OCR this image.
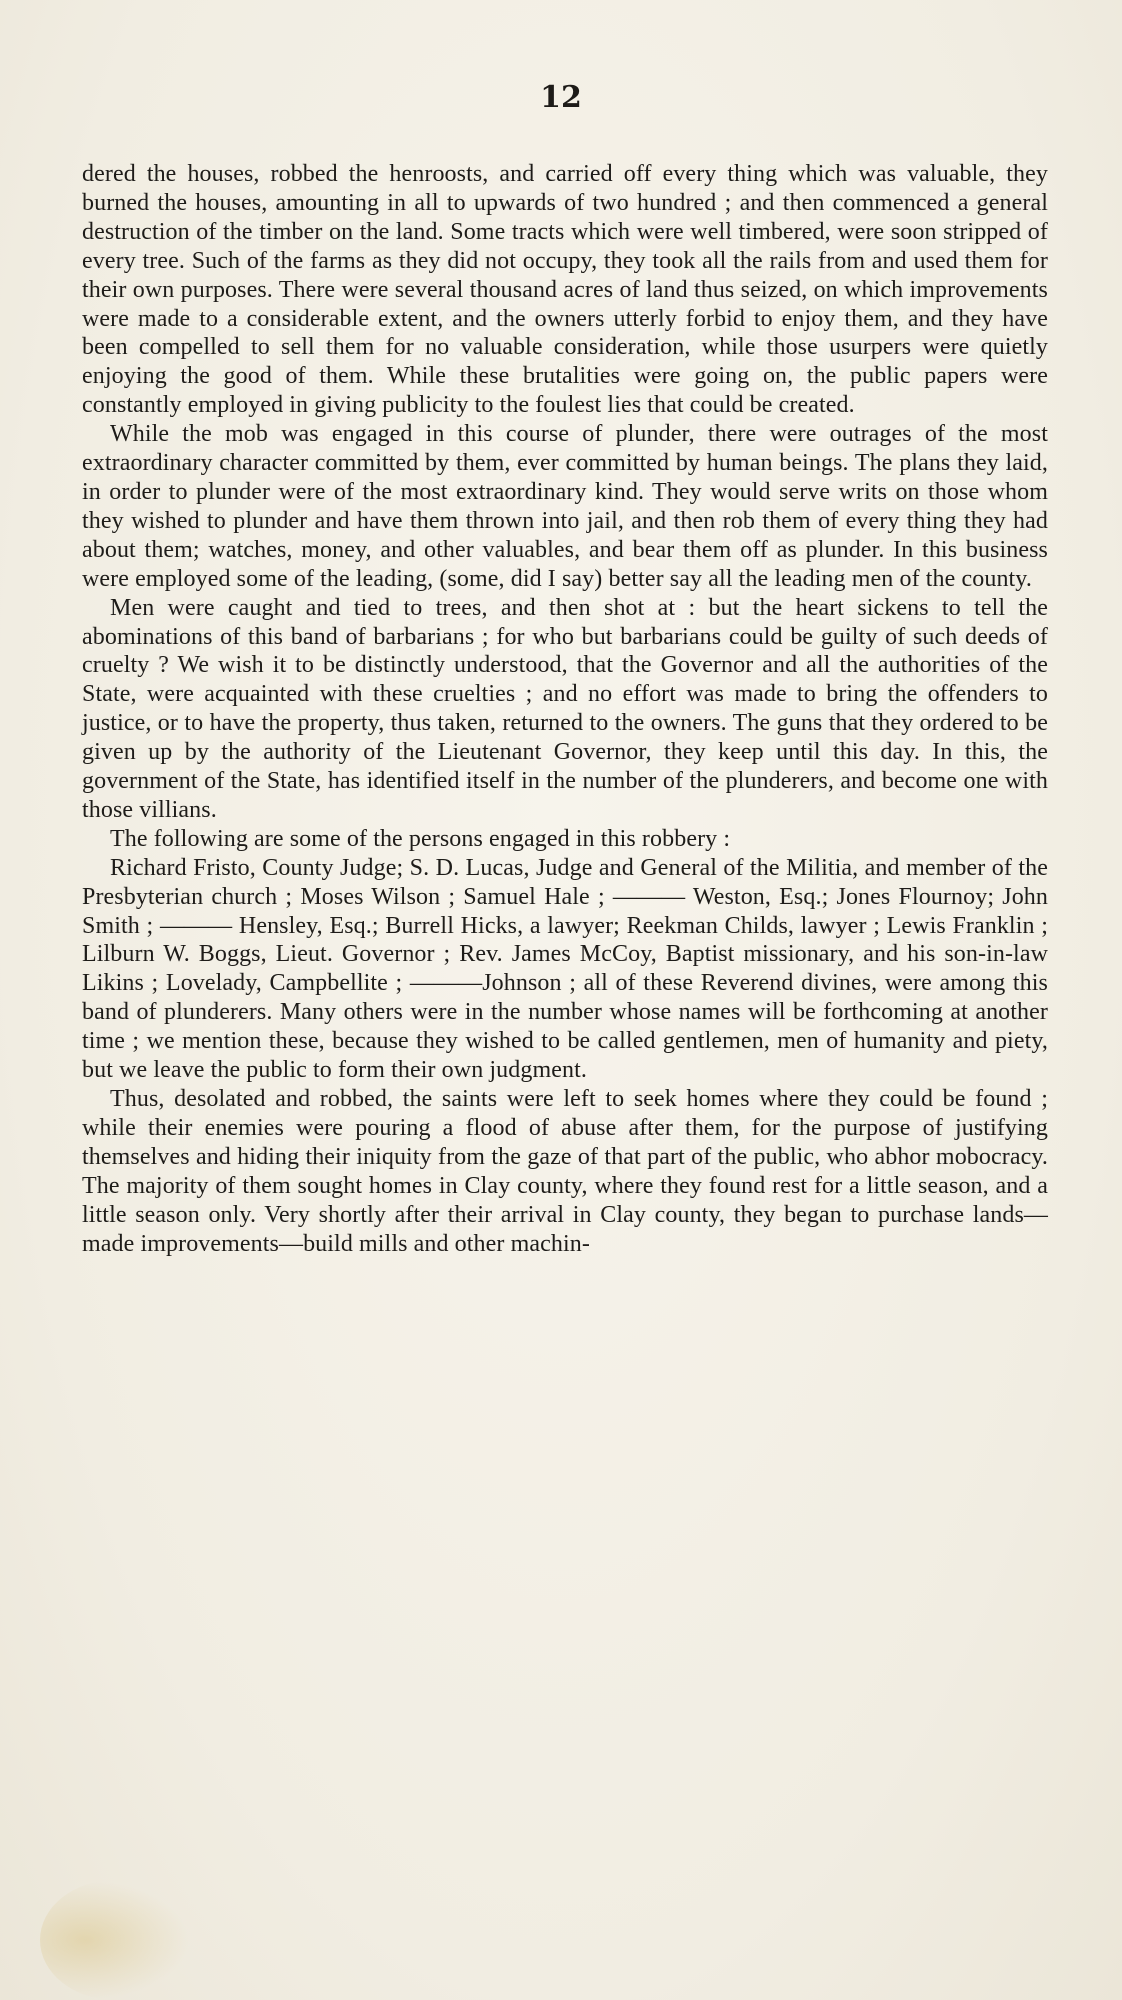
12

dered the houses, robbed the henroosts, and carried off every thing which was valuable, they burned the houses, amounting in all to upwards of two hundred ; and then commenced a general destruction of the timber on the land. Some tracts which were well timbered, were soon stripped of every tree. Such of the farms as they did not occupy, they took all the rails from and used them for their own purposes. There were several thousand acres of land thus seized, on which improvements were made to a considerable extent, and the owners utterly forbid to enjoy them, and they have been compelled to sell them for no valuable consideration, while those usurpers were quietly enjoying the good of them. While these brutalities were going on, the public papers were constantly employed in giving publicity to the foulest lies that could be created.

While the mob was engaged in this course of plunder, there were outrages of the most extraordinary character committed by them, ever committed by human beings. The plans they laid, in order to plunder were of the most extraordinary kind. They would serve writs on those whom they wished to plunder and have them thrown into jail, and then rob them of every thing they had about them; watches, money, and other valuables, and bear them off as plunder. In this business were employed some of the leading, (some, did I say) better say all the leading men of the county.

Men were caught and tied to trees, and then shot at : but the heart sickens to tell the abominations of this band of barbarians ; for who but barbarians could be guilty of such deeds of cruelty ? We wish it to be distinctly understood, that the Governor and all the authorities of the State, were acquainted with these cruelties ; and no effort was made to bring the offenders to justice, or to have the property, thus taken, returned to the owners. The guns that they ordered to be given up by the authority of the Lieutenant Governor, they keep until this day. In this, the government of the State, has identified itself in the number of the plunderers, and become one with those villians.

The following are some of the persons engaged in this robbery :

Richard Fristo, County Judge; S. D. Lucas, Judge and General of the Militia, and member of the Presbyterian church ; Moses Wilson ; Samuel Hale ; ——— Weston, Esq.; Jones Flournoy; John Smith ; ——— Hensley, Esq.; Burrell Hicks, a lawyer; Reekman Childs, lawyer ; Lewis Franklin ; Lilburn W. Boggs, Lieut. Governor ; Rev. James McCoy, Baptist missionary, and his son-in-law Likins ; Lovelady, Campbellite ; ———Johnson ; all of these Reverend divines, were among this band of plunderers. Many others were in the number whose names will be forthcoming at another time ; we mention these, because they wished to be called gentlemen, men of humanity and piety, but we leave the public to form their own judgment.

Thus, desolated and robbed, the saints were left to seek homes where they could be found ; while their enemies were pouring a flood of abuse after them, for the purpose of justifying themselves and hiding their iniquity from the gaze of that part of the public, who abhor mobocracy. The majority of them sought homes in Clay county, where they found rest for a little season, and a little season only. Very shortly after their arrival in Clay county, they began to purchase lands—made improvements—build mills and other machin-
